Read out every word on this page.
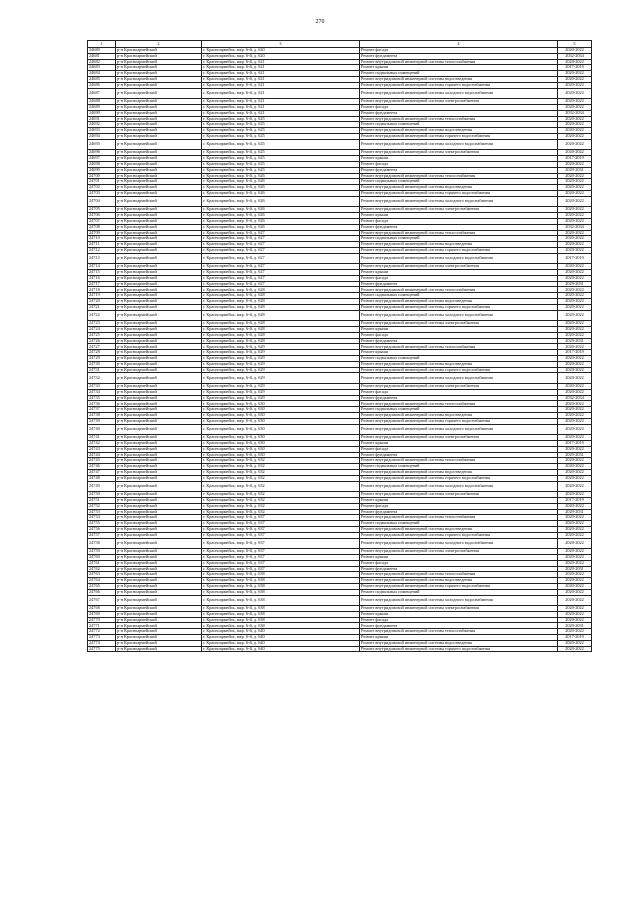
270
1	2	3	4	5
24680	р-н Красноармейский	г. Красноармейск, мкр. 6-й, д. 620	Ремонт фасада	2020-2022
24681	р-н Красноармейский	г. Красноармейск, мкр. 6-й, д. 620	Ремонт фундамента	2032-2034
24682	р-н Красноармейский	г. Красноармейск, мкр. 6-й, д. 621	Ремонт внутридомовой инженерной системы теплоснабжения	2020-2022
24683	р-н Красноармейский	г. Красноармейск, мкр. 6-й, д. 621	Ремонт крыши	2017-2019
24684	р-н Красноармейский	г. Красноармейск, мкр. 6-й, д. 621	Ремонт подвальных помещений	2020-2022
24685	р-н Красноармейский	г. Красноармейск, мкр. 6-й, д. 621	Ремонт внутридомовой инженерной системы водоотведения	2020-2022
24686	р-н Красноармейский	г. Красноармейск, мкр. 6-й, д. 621	Ремонт внутридомовой инженерной системы горячего водоснабжения	2020-2022
24687	р-н Красноармейский	г. Красноармейск, мкр. 6-й, д. 621	Ремонт внутридомовой инженерной системы холодного водоснабжения	2020-2022
24688	р-н Красноармейский	г. Красноармейск, мкр. 6-й, д. 621	Ремонт внутридомовой инженерной системы электроснабжения	2020-2022
24689	р-н Красноармейский	г. Красноармейск, мкр. 6-й, д. 621	Ремонт фасада	2020-2022
24690	р-н Красноармейский	г. Красноармейск, мкр. 6-й, д. 621	Ремонт фундамента	2032-2034
24691	р-н Красноармейский	г. Красноармейск, мкр. 6-й, д. 625	Ремонт внутридомовой инженерной системы теплоснабжения	2020-2022
24692	р-н Красноармейский	г. Красноармейск, мкр. 6-й, д. 625	Ремонт подвальных помещений	2020-2022
24693	р-н Красноармейский	г. Красноармейск, мкр. 6-й, д. 625	Ремонт внутридомовой инженерной системы водоотведения	2020-2022
24694	р-н Красноармейский	г. Красноармейск, мкр. 6-й, д. 625	Ремонт внутридомовой инженерной системы горячего водоснабжения	2020-2022
24695	р-н Красноармейский	г. Красноармейск, мкр. 6-й, д. 625	Ремонт внутридомовой инженерной системы холодного водоснабжения	2020-2022
24696	р-н Красноармейский	г. Красноармейск, мкр. 6-й, д. 625	Ремонт внутридомовой инженерной системы электроснабжения	2020-2022
24697	р-н Красноармейский	г. Красноармейск, мкр. 6-й, д. 625	Ремонт крыши	2017-2019
24698	р-н Красноармейский	г. Красноармейск, мкр. 6-й, д. 625	Ремонт фасада	2020-2022
24699	р-н Красноармейский	г. Красноармейск, мкр. 6-й, д. 625	Ремонт фундамента	2029-2031
24700	р-н Красноармейский	г. Красноармейск, мкр. 6-й, д. 626	Ремонт внутридомовой инженерной системы теплоснабжения	2020-2022
24701	р-н Красноармейский	г. Красноармейск, мкр. 6-й, д. 626	Ремонт подвальных помещений	2020-2022
24702	р-н Красноармейский	г. Красноармейск, мкр. 6-й, д. 626	Ремонт внутридомовой инженерной системы водоотведения	2020-2022
24703	р-н Красноармейский	г. Красноармейск, мкр. 6-й, д. 626	Ремонт внутридомовой инженерной системы горячего водоснабжения	2020-2022
24704	р-н Красноармейский	г. Красноармейск, мкр. 6-й, д. 626	Ремонт внутридомовой инженерной системы холодного водоснабжения	2020-2022
24705	р-н Красноармейский	г. Красноармейск, мкр. 6-й, д. 626	Ремонт внутридомовой инженерной системы электроснабжения	2020-2022
24706	р-н Красноармейский	г. Красноармейск, мкр. 6-й, д. 626	Ремонт крыши	2020-2022
24707	р-н Красноармейский	г. Красноармейск, мкр. 6-й, д. 626	Ремонт фасада	2020-2022
24708	р-н Красноармейский	г. Красноармейск, мкр. 6-й, д. 626	Ремонт фундамента	2032-2034
24709	р-н Красноармейский	г. Красноармейск, мкр. 6-й, д. 627	Ремонт внутридомовой инженерной системы теплоснабжения	2020-2022
24710	р-н Красноармейский	г. Красноармейск, мкр. 6-й, д. 627	Ремонт подвальных помещений	2020-2022
24711	р-н Красноармейский	г. Красноармейск, мкр. 6-й, д. 627	Ремонт внутридомовой инженерной системы водоотведения	2020-2022
24712	р-н Красноармейский	г. Красноармейск, мкр. 6-й, д. 627	Ремонт внутридомовой инженерной системы горячего водоснабжения	2020-2022
24713	р-н Красноармейский	г. Красноармейск, мкр. 6-й, д. 627	Ремонт внутридомовой инженерной системы холодного водоснабжения	2017-2019
24714	р-н Красноармейский	г. Красноармейск, мкр. 6-й, д. 627	Ремонт внутридомовой инженерной системы электроснабжения	2020-2022
24715	р-н Красноармейский	г. Красноармейск, мкр. 6-й, д. 627	Ремонт крыши	2020-2022
24716	р-н Красноармейский	г. Красноармейск, мкр. 6-й, д. 627	Ремонт фасада	2020-2022
24717	р-н Красноармейский	г. Красноармейск, мкр. 6-й, д. 627	Ремонт фундамента	2029-2031
24718	р-н Красноармейский	г. Красноармейск, мкр. 6-й, д. 628	Ремонт внутридомовой инженерной системы теплоснабжения	2020-2022
24719	р-н Красноармейский	г. Красноармейск, мкр. 6-й, д. 628	Ремонт подвальных помещений	2020-2022
24720	р-н Красноармейский	г. Красноармейск, мкр. 6-й, д. 628	Ремонт внутридомовой инженерной системы водоотведения	2020-2022
24721	р-н Красноармейский	г. Красноармейск, мкр. 6-й, д. 628	Ремонт внутридомовой инженерной системы горячего водоснабжения	2020-2022
24722	р-н Красноармейский	г. Красноармейск, мкр. 6-й, д. 628	Ремонт внутридомовой инженерной системы холодного водоснабжения	2020-2022
24723	р-н Красноармейский	г. Красноармейск, мкр. 6-й, д. 628	Ремонт внутридомовой инженерной системы электроснабжения	2020-2022
24724	р-н Красноармейский	г. Красноармейск, мкр. 6-й, д. 628	Ремонт крыши	2020-2022
24725	р-н Красноармейский	г. Красноармейск, мкр. 6-й, д. 628	Ремонт фасада	2020-2022
24726	р-н Красноармейский	г. Красноармейск, мкр. 6-й, д. 628	Ремонт фундамента	2029-2031
24727	р-н Красноармейский	г. Красноармейск, мкр. 6-й, д. 629	Ремонт внутридомовой инженерной системы теплоснабжения	2020-2022
24728	р-н Красноармейский	г. Красноармейск, мкр. 6-й, д. 629	Ремонт крыши	2017-2019
24729	р-н Красноармейский	г. Красноармейск, мкр. 6-й, д. 629	Ремонт подвальных помещений	2020-2022
24730	р-н Красноармейский	г. Красноармейск, мкр. 6-й, д. 629	Ремонт внутридомовой инженерной системы водоотведения	2020-2022
24731	р-н Красноармейский	г. Красноармейск, мкр. 6-й, д. 629	Ремонт внутридомовой инженерной системы горячего водоснабжения	2020-2022
24732	р-н Красноармейский	г. Красноармейск, мкр. 6-й, д. 629	Ремонт внутридомовой инженерной системы холодного водоснабжения	2020-2022
24733	р-н Красноармейский	г. Красноармейск, мкр. 6-й, д. 629	Ремонт внутридомовой инженерной системы электроснабжения	2020-2022
24734	р-н Красноармейский	г. Красноармейск, мкр. 6-й, д. 629	Ремонт фасада	2020-2022
24735	р-н Красноармейский	г. Красноармейск, мкр. 6-й, д. 629	Ремонт фундамента	2032-2034
24736	р-н Красноармейский	г. Красноармейск, мкр. 6-й, д. 630	Ремонт внутридомовой инженерной системы теплоснабжения	2020-2022
24737	р-н Красноармейский	г. Красноармейск, мкр. 6-й, д. 630	Ремонт подвальных помещений	2020-2022
24738	р-н Красноармейский	г. Красноармейск, мкр. 6-й, д. 630	Ремонт внутридомовой инженерной системы водоотведения	2020-2022
24739	р-н Красноармейский	г. Красноармейск, мкр. 6-й, д. 630	Ремонт внутридомовой инженерной системы горячего водоснабжения	2020-2022
24740	р-н Красноармейский	г. Красноармейск, мкр. 6-й, д. 630	Ремонт внутридомовой инженерной системы холодного водоснабжения	2020-2022
24741	р-н Красноармейский	г. Красноармейск, мкр. 6-й, д. 630	Ремонт внутридомовой инженерной системы электроснабжения	2020-2022
24742	р-н Красноармейский	г. Красноармейск, мкр. 6-й, д. 630	Ремонт крыши	2017-2019
24743	р-н Красноармейский	г. Красноармейск, мкр. 6-й, д. 630	Ремонт фасада	2020-2022
24744	р-н Красноармейский	г. Красноармейск, мкр. 6-й, д. 630	Ремонт фундамента	2029-2031
24745	р-н Красноармейский	г. Красноармейск, мкр. 6-й, д. 632	Ремонт внутридомовой инженерной системы теплоснабжения	2020-2022
24746	р-н Красноармейский	г. Красноармейск, мкр. 6-й, д. 632	Ремонт подвальных помещений	2020-2022
24747	р-н Красноармейский	г. Красноармейск, мкр. 6-й, д. 632	Ремонт внутридомовой инженерной системы водоотведения	2020-2022
24748	р-н Красноармейский	г. Красноармейск, мкр. 6-й, д. 632	Ремонт внутридомовой инженерной системы горячего водоснабжения	2020-2022
24749	р-н Красноармейский	г. Красноармейск, мкр. 6-й, д. 632	Ремонт внутридомовой инженерной системы холодного водоснабжения	2020-2022
24750	р-н Красноармейский	г. Красноармейск, мкр. 6-й, д. 632	Ремонт внутридомовой инженерной системы электроснабжения	2020-2022
24751	р-н Красноармейский	г. Красноармейск, мкр. 6-й, д. 632	Ремонт крыши	2017-2019
24752	р-н Красноармейский	г. Красноармейск, мкр. 6-й, д. 632	Ремонт фасада	2020-2022
24753	р-н Красноармейский	г. Красноармейск, мкр. 6-й, д. 632	Ремонт фундамента	2029-2031
24754	р-н Красноармейский	г. Красноармейск, мкр. 6-й, д. 637	Ремонт внутридомовой инженерной системы теплоснабжения	2020-2022
24755	р-н Красноармейский	г. Красноармейск, мкр. 6-й, д. 637	Ремонт подвальных помещений	2020-2022
24756	р-н Красноармейский	г. Красноармейск, мкр. 6-й, д. 637	Ремонт внутридомовой инженерной системы водоотведения	2020-2022
24757	р-н Красноармейский	г. Красноармейск, мкр. 6-й, д. 637	Ремонт внутридомовой инженерной системы горячего водоснабжения	2020-2022
24758	р-н Красноармейский	г. Красноармейск, мкр. 6-й, д. 637	Ремонт внутридомовой инженерной системы холодного водоснабжения	2020-2022
24759	р-н Красноармейский	г. Красноармейск, мкр. 6-й, д. 637	Ремонт внутридомовой инженерной системы электроснабжения	2020-2022
24760	р-н Красноармейский	г. Красноармейск, мкр. 6-й, д. 637	Ремонт крыши	2020-2022
24761	р-н Красноармейский	г. Красноармейск, мкр. 6-й, д. 637	Ремонт фасада	2020-2022
24762	р-н Красноармейский	г. Красноармейск, мкр. 6-й, д. 637	Ремонт фундамента	2029-2031
24763	р-н Красноармейский	г. Красноармейск, мкр. 6-й, д. 638	Ремонт внутридомовой инженерной системы теплоснабжения	2020-2022
24764	р-н Красноармейский	г. Красноармейск, мкр. 6-й, д. 638	Ремонт внутридомовой инженерной системы водоотведения	2020-2022
24765	р-н Красноармейский	г. Красноармейск, мкр. 6-й, д. 638	Ремонт внутридомовой инженерной системы горячего водоснабжения	2020-2022
24766	р-н Красноармейский	г. Красноармейск, мкр. 6-й, д. 638	Ремонт подвальных помещений	2020-2022
24767	р-н Красноармейский	г. Красноармейск, мкр. 6-й, д. 638	Ремонт внутридомовой инженерной системы холодного водоснабжения	2020-2022
24768	р-н Красноармейский	г. Красноармейск, мкр. 6-й, д. 638	Ремонт внутридомовой инженерной системы электроснабжения	2020-2022
24769	р-н Красноармейский	г. Красноармейск, мкр. 6-й, д. 638	Ремонт крыши	2020-2022
24770	р-н Красноармейский	г. Красноармейск, мкр. 6-й, д. 638	Ремонт фасада	2020-2022
24771	р-н Красноармейский	г. Красноармейск, мкр. 6-й, д. 638	Ремонт фундамента	2029-2031
24772	р-н Красноармейский	г. Красноармейск, мкр. 6-й, д. 640	Ремонт внутридомовой инженерной системы теплоснабжения	2020-2022
24773	р-н Красноармейский	г. Красноармейск, мкр. 6-й, д. 640	Ремонт крыши	2017-2019
24774	р-н Красноармейский	г. Красноармейск, мкр. 6-й, д. 640	Ремонт внутридомовой инженерной системы водоотведения	2020-2022
24775	р-н Красноармейский	г. Красноармейск, мкр. 6-й, д. 640	Ремонт внутридомовой инженерной системы горячего водоснабжения	2020-2022
